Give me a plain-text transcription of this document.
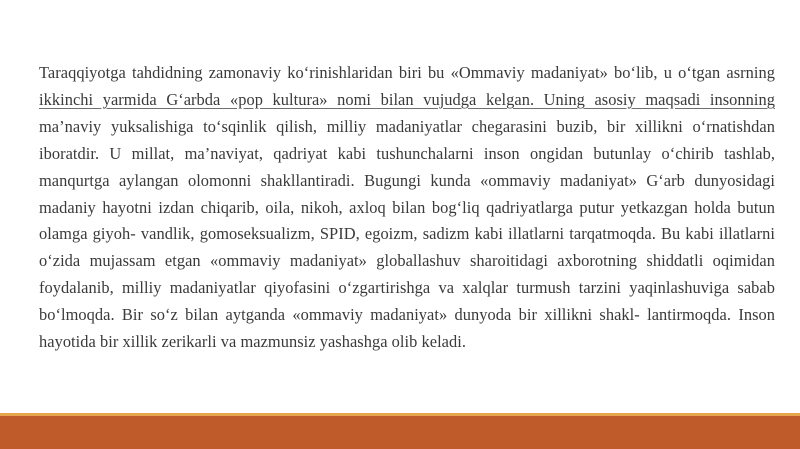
Taraqqiyotga tahdidning zamonaviy koʻrinishlaridan biri bu «Ommaviy madaniyat» boʻlib, u oʻtgan asrning ikkinchi yarmida Gʻarbda «pop kultura» nomi bilan vujudga kelgan. Uning asosiy maqsadi insonning ma’naviy yuksalishiga toʻsqinlik qilish, milliy madaniyatlar chegarasini buzib, bir xillikni oʻrnatishdan iboratdir. U millat, ma’naviyat, qadriyat kabi tushunchalarni inson ongidan butunlay oʻchirib tashlab, manqurtga aylangan olomonni shakllantiradi. Bugungi kunda «ommaviy madaniyat» Gʻarb dunyosidagi madaniy hayotni izdan chiqarib, oila, nikoh, axloq bilan bogʻliq qadriyatlarga putur yetkazgan holda butun olamga giyoh- vandlik, gomoseksualizm, SPID, egoizm, sadizm kabi illatlarni tarqatmoqda. Bu kabi illatlarni oʻzida mujassam etgan «ommaviy madaniyat» globallashuv sharoitidagi axborotning shiddatli oqimidan foydalanib, milliy madaniyatlar qiyofasini oʻzgartirishga va xalqlar turmush tarzini yaqinlashuviga sabab boʻlmoqda. Bir soʻz bilan aytganda «ommaviy madaniyat» dunyoda bir xillikni shakl- lantirmoqda. Inson hayotida bir xillik zerikarli va mazmunsiz yashashga olib keladi.
